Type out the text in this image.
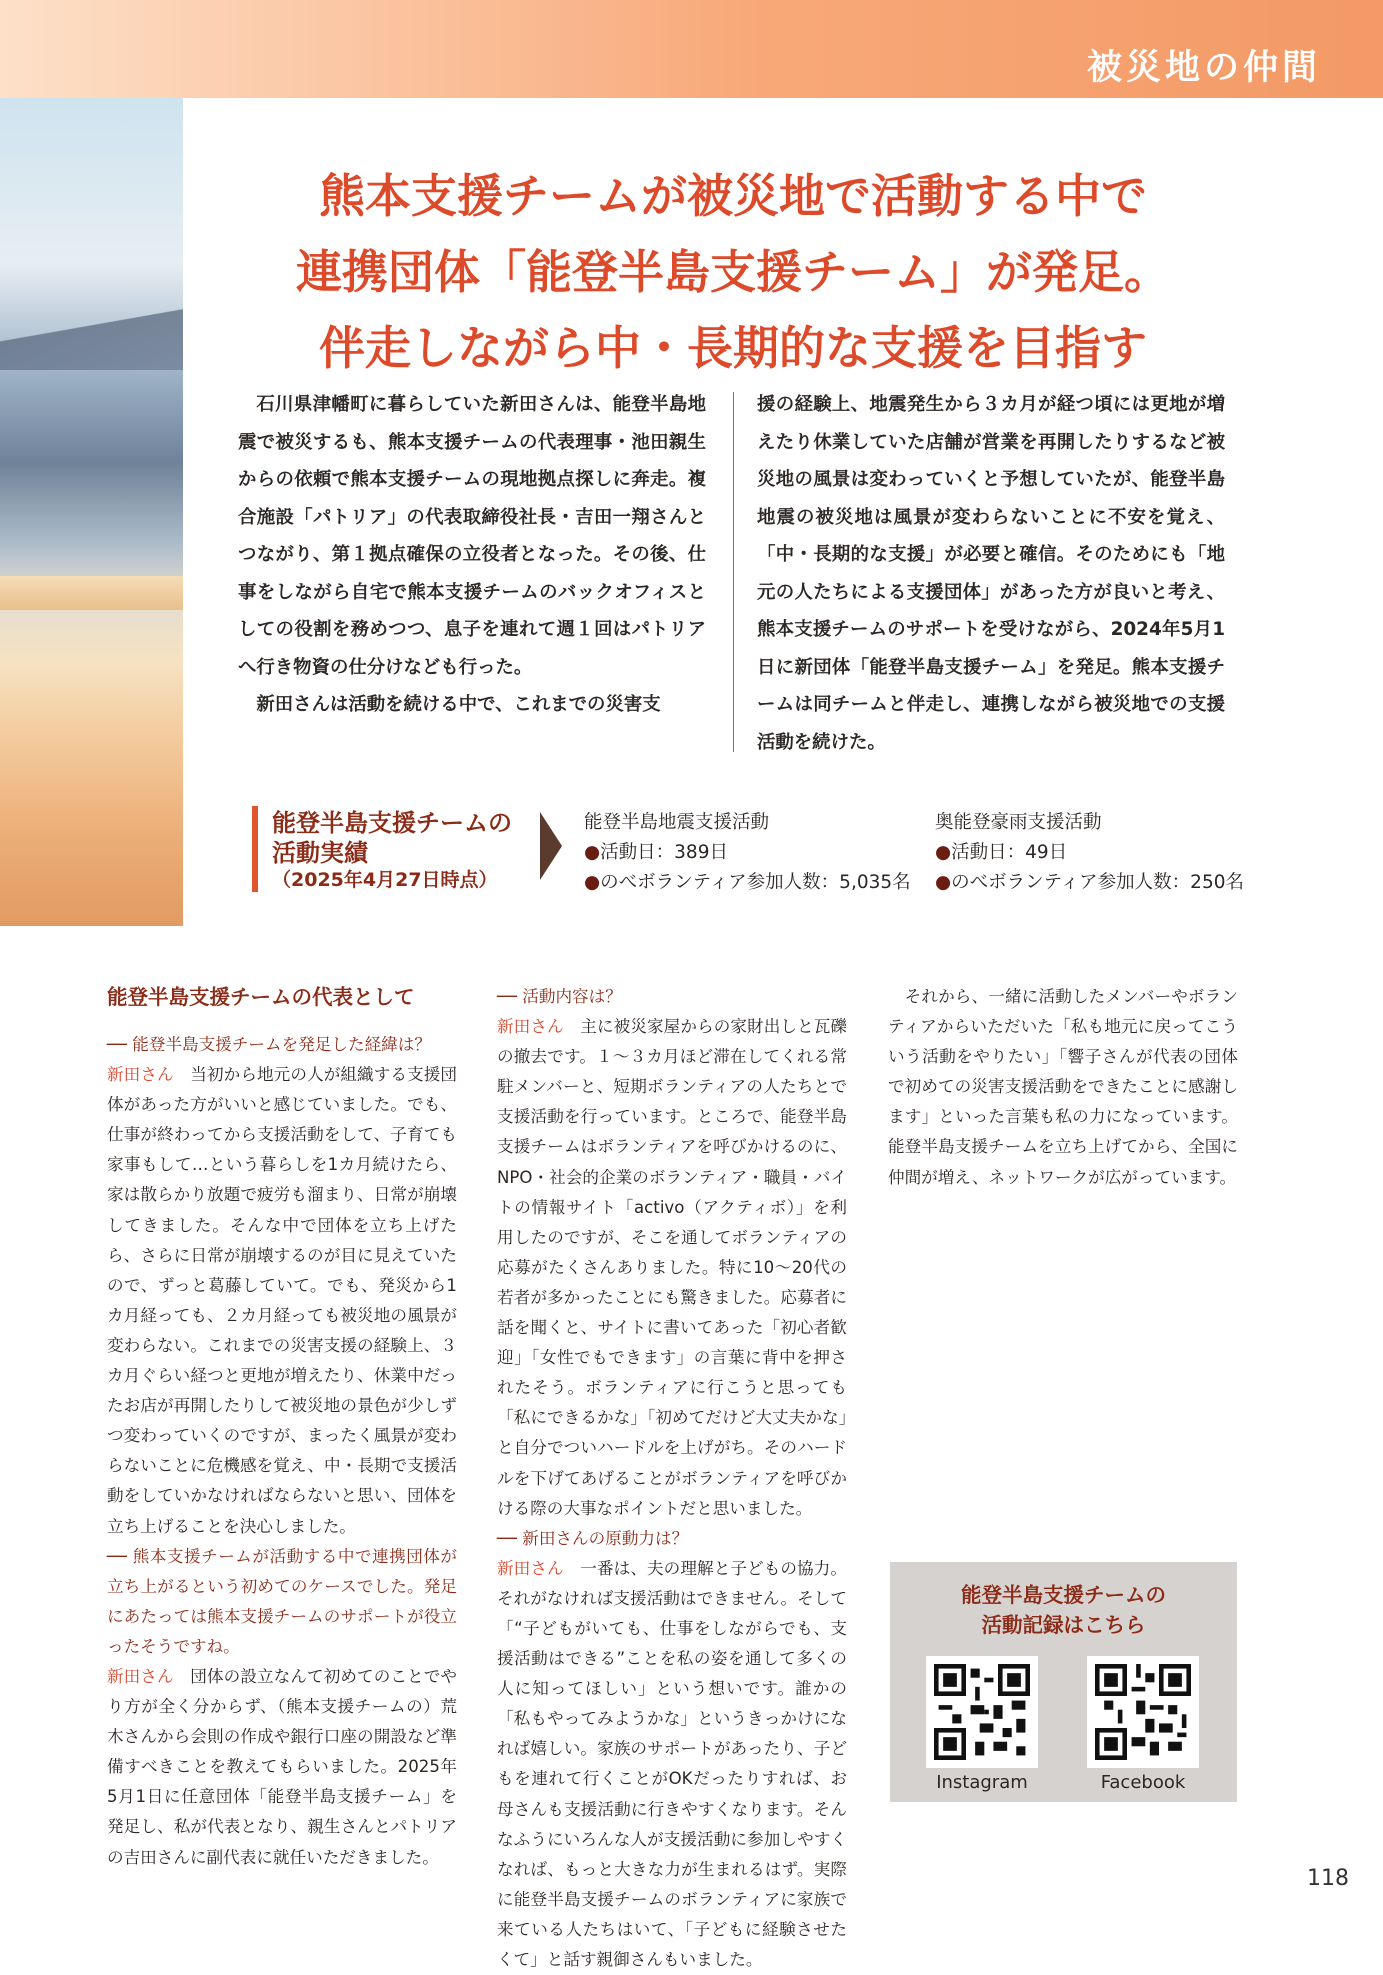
被災地の仲間
熊本支援チームが被災地で活動する中で
連携団体「能登半島支援チーム」が発足。
伴走しながら中・長期的な支援を目指す

石川県津幡町に暮らしていた新田さんは、能登半島地震で被災するも、熊本支援チームの代表理事・池田親生からの依頼で熊本支援チームの現地拠点探しに奔走。複合施設「パトリア」の代表取締役社長・吉田一翔さんとつながり、第１拠点確保の立役者となった。その後、仕事をしながら自宅で熊本支援チームのバックオフィスとしての役割を務めつつ、息子を連れて週１回はパトリアへ行き物資の仕分けなども行った。

新田さんは活動を続ける中で、これまでの災害支

援の経験上、地震発生から３カ月が経つ頃には更地が増えたり休業していた店舗が営業を再開したりするなど被災地の風景は変わっていくと予想していたが、能登半島地震の被災地は風景が変わらないことに不安を覚え、「中・長期的な支援」が必要と確信。そのためにも「地元の人たちによる支援団体」があった方が良いと考え、熊本支援チームのサポートを受けながら、2024年5月1日に新団体「能登半島支援チーム」を発足。熊本支援チームは同チームと伴走し、連携しながら被災地での支援活動を続けた。

能登半島支援チームの
活動実績
（2025年4月27日時点）
能登半島地震支援活動
●活動日：389日
●のべボランティア参加人数：5,035名
奥能登豪雨支援活動
●活動日：49日
●のべボランティア参加人数：250名
能登半島支援チームの代表として

── 能登半島支援チームを発足した経緯は？

新田さん 当初から地元の人が組織する支援団体があった方がいいと感じていました。でも、仕事が終わってから支援活動をして、子育ても家事もして…という暮らしを1カ月続けたら、家は散らかり放題で疲労も溜まり、日常が崩壊してきました。そんな中で団体を立ち上げたら、さらに日常が崩壊するのが目に見えていたので、ずっと葛藤していて。でも、発災から1カ月経っても、２カ月経っても被災地の風景が変わらない。これまでの災害支援の経験上、３カ月ぐらい経つと更地が増えたり、休業中だったお店が再開したりして被災地の景色が少しずつ変わっていくのですが、まったく風景が変わらないことに危機感を覚え、中・長期で支援活動をしていかなければならないと思い、団体を立ち上げることを決心しました。

── 熊本支援チームが活動する中で連携団体が立ち上がるという初めてのケースでした。発足にあたっては熊本支援チームのサポートが役立ったそうですね。

新田さん 団体の設立なんて初めてのことでやり方が全く分からず、（熊本支援チームの）荒木さんから会則の作成や銀行口座の開設など準備すべきことを教えてもらいました。2025年5月1日に任意団体「能登半島支援チーム」を発足し、私が代表となり、親生さんとパトリアの吉田さんに副代表に就任いただきました。

── 活動内容は？

新田さん 主に被災家屋からの家財出しと瓦礫の撤去です。１〜３カ月ほど滞在してくれる常駐メンバーと、短期ボランティアの人たちとで支援活動を行っています。ところで、能登半島支援チームはボランティアを呼びかけるのに、NPO・社会的企業のボランティア・職員・バイトの情報サイト「activo（アクティボ）」を利用したのですが、そこを通してボランティアの応募がたくさんありました。特に10〜20代の若者が多かったことにも驚きました。応募者に話を聞くと、サイトに書いてあった「初心者歓迎」「女性でもできます」の言葉に背中を押されたそう。ボランティアに行こうと思っても「私にできるかな」「初めてだけど大丈夫かな」と自分でついハードルを上げがち。そのハードルを下げてあげることがボランティアを呼びかける際の大事なポイントだと思いました。

── 新田さんの原動力は？

新田さん 一番は、夫の理解と子どもの協力。それがなければ支援活動はできません。そして「“子どもがいても、仕事をしながらでも、支援活動はできる”ことを私の姿を通して多くの人に知ってほしい」という想いです。誰かの「私もやってみようかな」というきっかけになれば嬉しい。家族のサポートがあったり、子どもを連れて行くことがOKだったりすれば、お母さんも支援活動に行きやすくなります。そんなふうにいろんな人が支援活動に参加しやすくなれば、もっと大きな力が生まれるはず。実際に能登半島支援チームのボランティアに家族で来ている人たちはいて、「子どもに経験させたくて」と話す親御さんもいました。

それから、一緒に活動したメンバーやボランティアからいただいた「私も地元に戻ってこういう活動をやりたい」「響子さんが代表の団体で初めての災害支援活動をできたことに感謝します」といった言葉も私の力になっています。能登半島支援チームを立ち上げてから、全国に仲間が増え、ネットワークが広がっています。

能登半島支援チームの
活動記録はこちら
Instagram	Facebook
118
